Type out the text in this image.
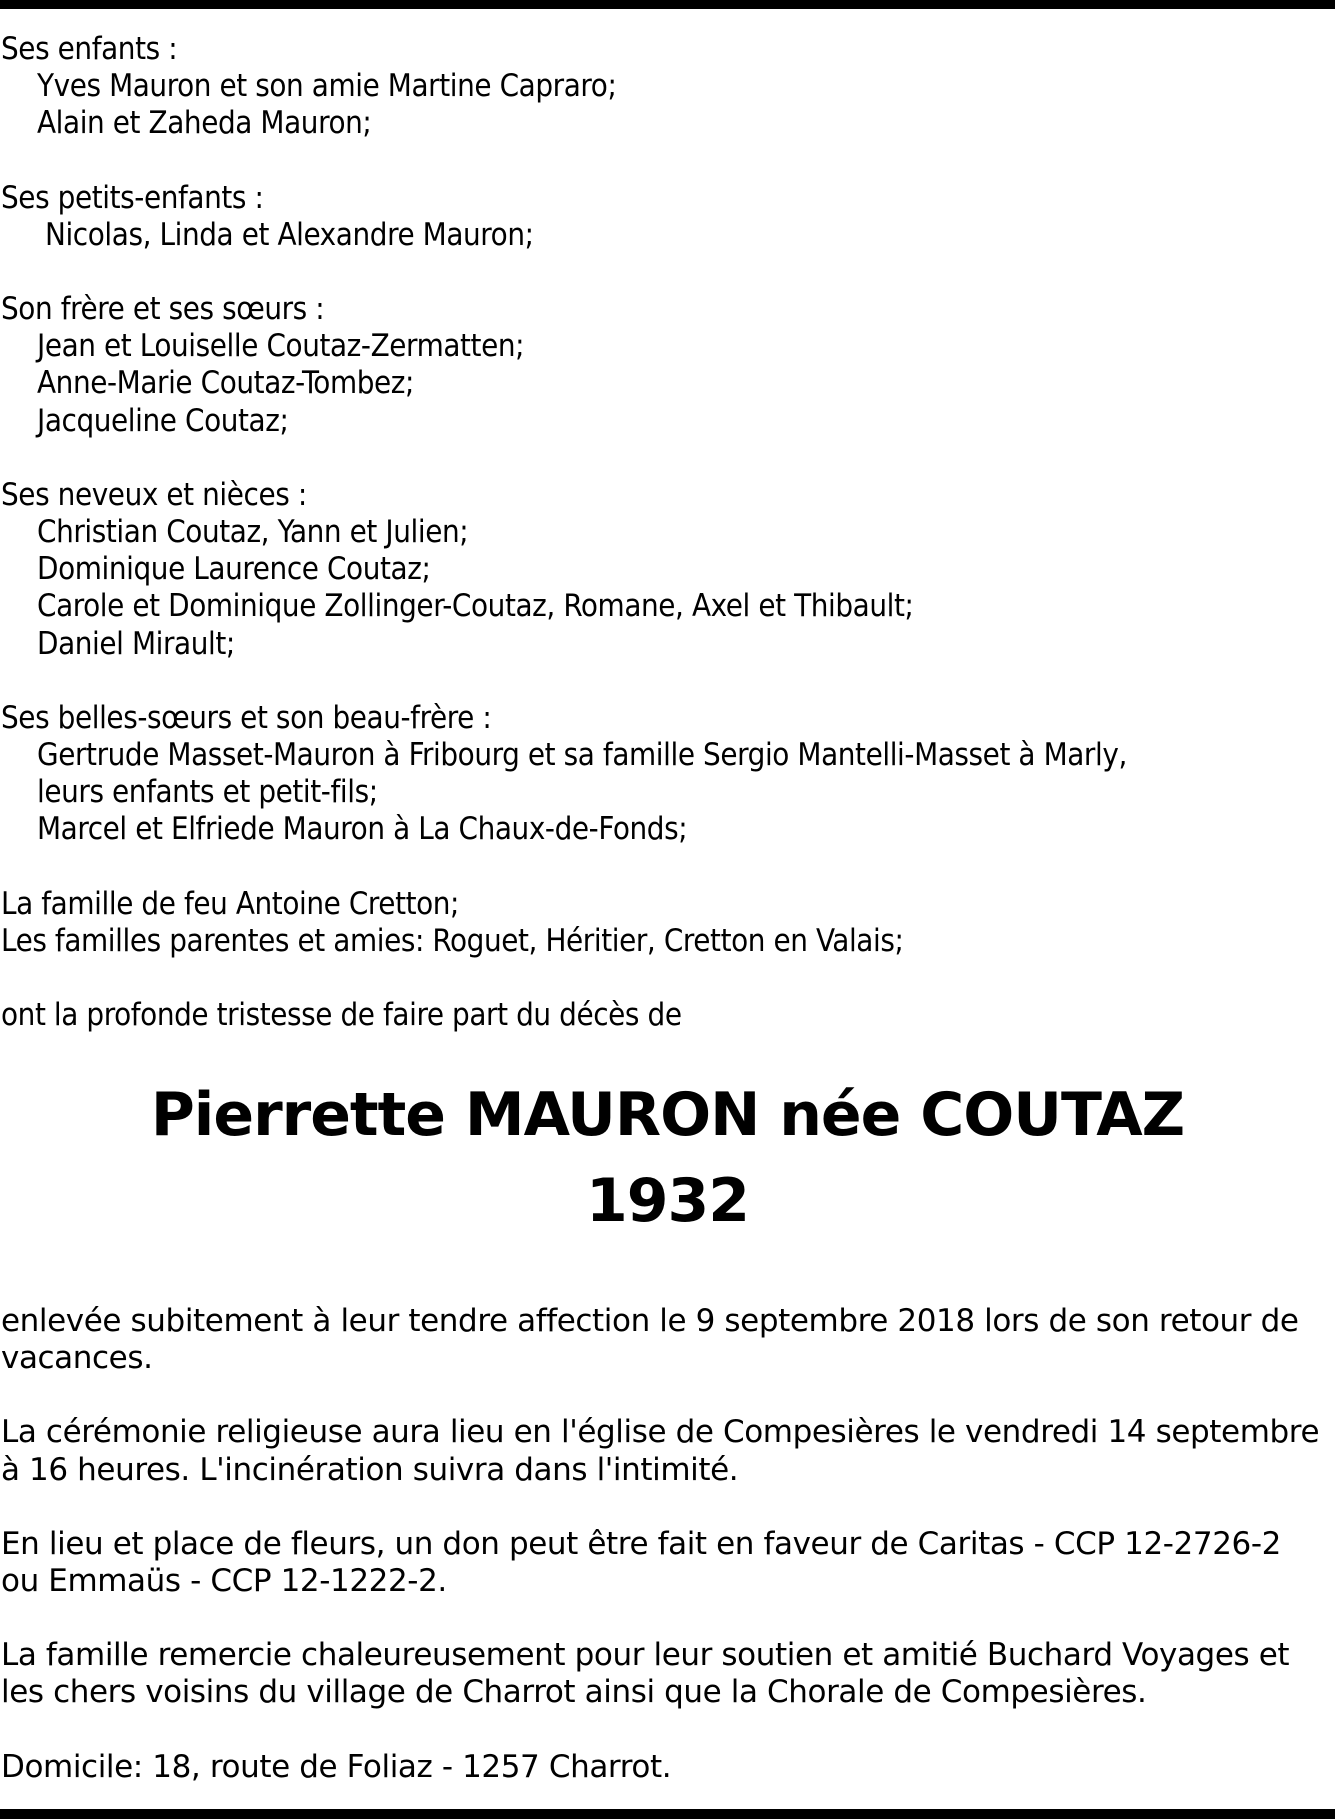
Ses enfants :

Yves Mauron et son amie Martine Capraro;

Alain et Zaheda Mauron;

Ses petits-enfants :

Nicolas, Linda et Alexandre Mauron;

Son frère et ses sœurs :

Jean et Louiselle Coutaz-Zermatten;

Anne-Marie Coutaz-Tombez;

Jacqueline Coutaz;

Ses neveux et nièces :

Christian Coutaz, Yann et Julien;

Dominique Laurence Coutaz;

Carole et Dominique Zollinger-Coutaz, Romane, Axel et Thibault;

Daniel Mirault;

Ses belles-sœurs et son beau-frère :

Gertrude Masset-Mauron à Fribourg et sa famille Sergio Mantelli-Masset à Marly,

leurs enfants et petit-fils;

Marcel et Elfriede Mauron à La Chaux-de-Fonds;

La famille de feu Antoine Cretton;

Les familles parentes et amies: Roguet, Héritier, Cretton en Valais;

ont la profonde tristesse de faire part du décès de

Pierrette MAURON née COUTAZ
1932

enlevée subitement à leur tendre affection le 9 septembre 2018 lors de son retour de

vacances.

La cérémonie religieuse aura lieu en l'église de Compesières le vendredi 14 septembre

à 16 heures. L'incinération suivra dans l'intimité.

En lieu et place de fleurs, un don peut être fait en faveur de Caritas - CCP 12-2726-2

ou Emmaüs - CCP 12-1222-2.

La famille remercie chaleureusement pour leur soutien et amitié Buchard Voyages et

les chers voisins du village de Charrot ainsi que la Chorale de Compesières.

Domicile: 18, route de Foliaz - 1257 Charrot.
